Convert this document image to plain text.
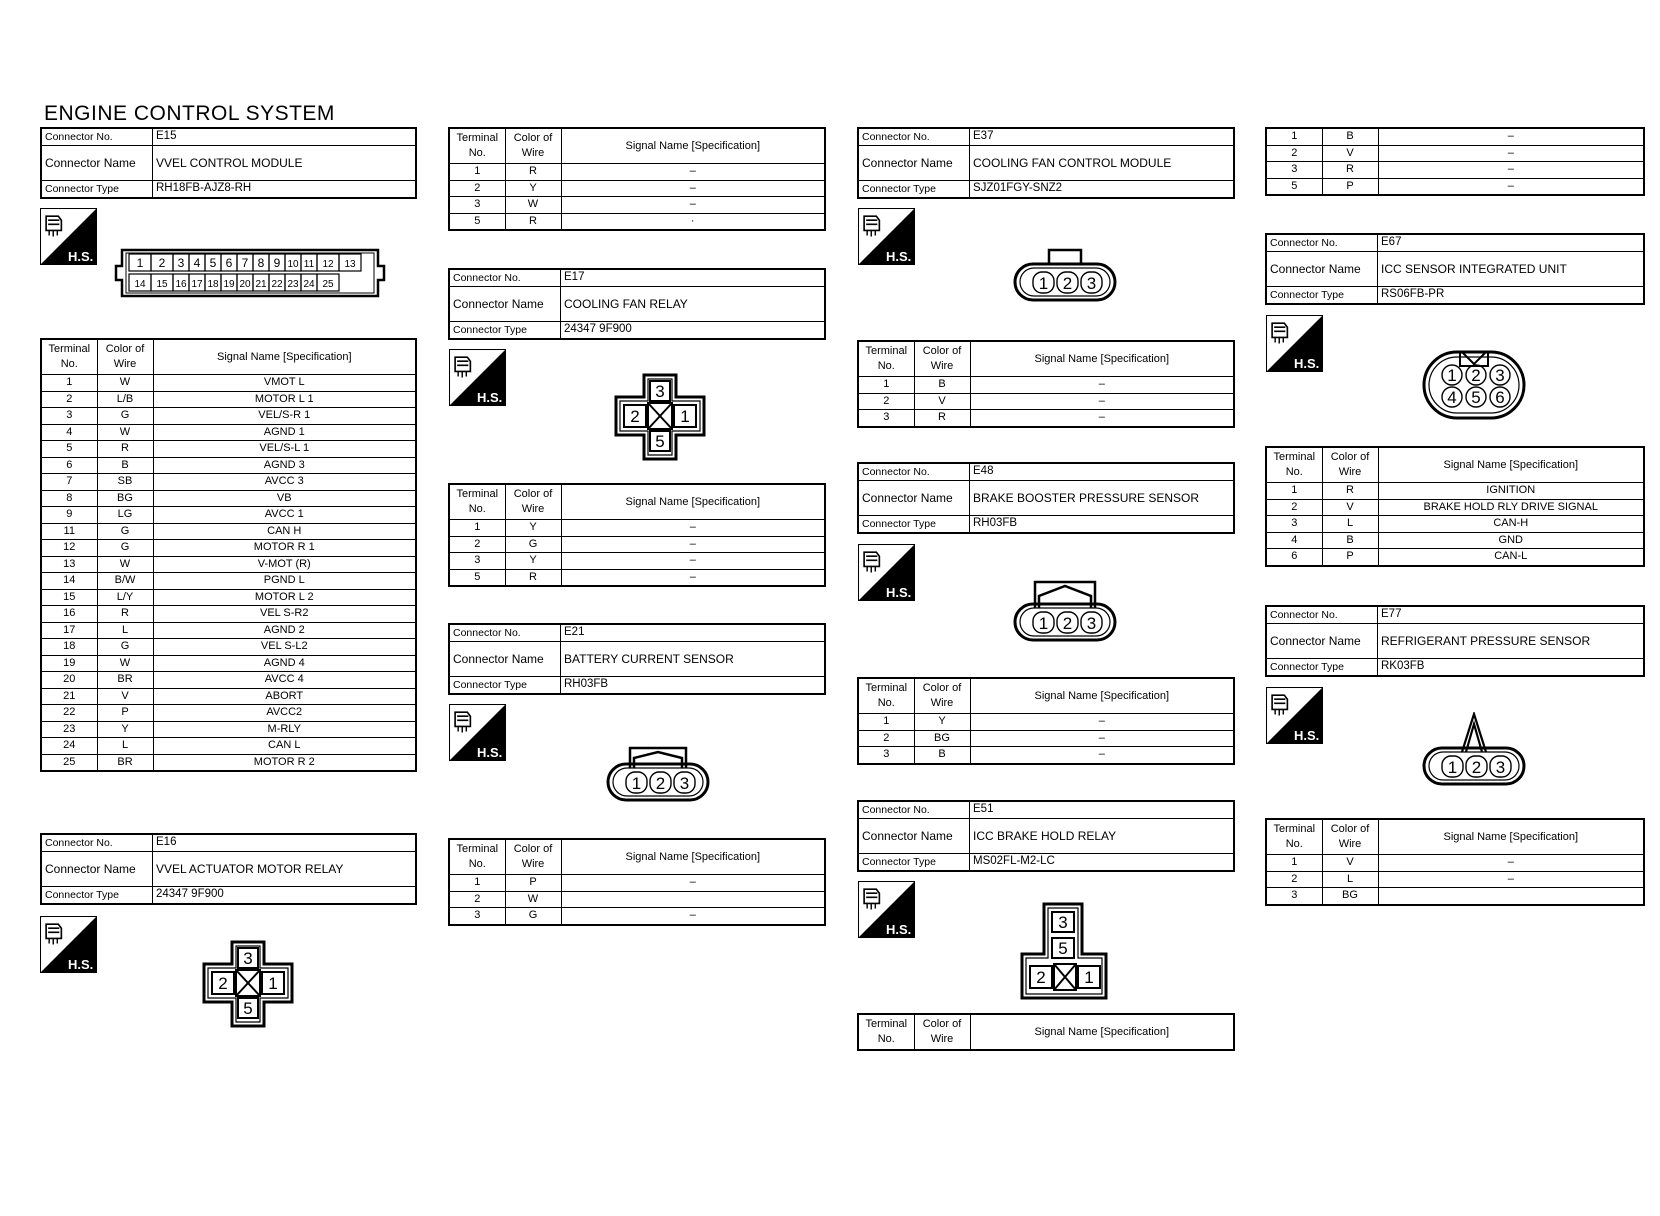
ENGINE CONTROL SYSTEM
Connector No.	E15
Connector Name	VVEL CONTROL MODULE
Connector Type	RH18FB-AJZ8-RH
H.S.	1 2 3 4 5 6 7 8 9 10 11 12 13
14 15 16 17 18 19 20 21 22 23 24 25
Terminal No.	Color of Wire	Signal Name [Specification]
1	W	VMOT L
2	L/B	MOTOR L 1
3	G	VEL/S-R 1
4	W	AGND 1
5	R	VEL/S-L 1
6	B	AGND 3
7	SB	AVCC 3
8	BG	VB
9	LG	AVCC 1
11	G	CAN H
12	G	MOTOR R 1
13	W	V-MOT (R)
14	B/W	PGND L
15	L/Y	MOTOR L 2
16	R	VEL S-R2
17	L	AGND 2
18	G	VEL S-L2
19	W	AGND 4
20	BR	AVCC 4
21	V	ABORT
22	P	AVCC2
23	Y	M-RLY
24	L	CAN L
25	BR	MOTOR R 2
Connector No.	E16
Connector Name	VVEL ACTUATOR MOTOR RELAY
Connector Type	24347 9F900
H.S.	3
2 1
5
Terminal No.	Color of Wire	Signal Name [Specification]
1	R	–
2	Y	–
3	W	–
5	R	·
Connector No.	E17
Connector Name	COOLING FAN RELAY
Connector Type	24347 9F900
H.S.	3
2 1
5
Terminal No.	Color of Wire	Signal Name [Specification]
1	Y	–
2	G	–
3	Y	–
5	R	–
Connector No.	E21
Connector Name	BATTERY CURRENT SENSOR
Connector Type	RH03FB
H.S.
1 2 3
Terminal No.	Color of Wire	Signal Name [Specification]
1	P	–
2	W	
3	G	–
Connector No.	E37
Connector Name	COOLING FAN CONTROL MODULE
Connector Type	SJZ01FGY-SNZ2
H.S.
1 2 3
Terminal No.	Color of Wire	Signal Name [Specification]
1	B	–
2	V	–
3	R	–
Connector No.	E48
Connector Name	BRAKE BOOSTER PRESSURE SENSOR
Connector Type	RH03FB
H.S.
1 2 3
Terminal No.	Color of Wire	Signal Name [Specification]
1	Y	–
2	BG	–
3	B	–
Connector No.	E51
Connector Name	ICC BRAKE HOLD RELAY
Connector Type	MS02FL-M2-LC
H.S.	3
5
2 1
Terminal No.	Color of Wire	Signal Name [Specification]
1	B	–
2	V	–
3	R	–
5	P	–
Connector No.	E67
Connector Name	ICC SENSOR INTEGRATED UNIT
Connector Type	RS06FB-PR
H.S.
1 2 3
4 5 6
Terminal No.	Color of Wire	Signal Name [Specification]
1	R	IGNITION
2	V	BRAKE HOLD RLY DRIVE SIGNAL
3	L	CAN-H
4	B	GND
6	P	CAN-L
Connector No.	E77
Connector Name	REFRIGERANT PRESSURE SENSOR
Connector Type	RK03FB
H.S.
1 2 3
Terminal No.	Color of Wire	Signal Name [Specification]
1	V	–
2	L	–
3	BG	
